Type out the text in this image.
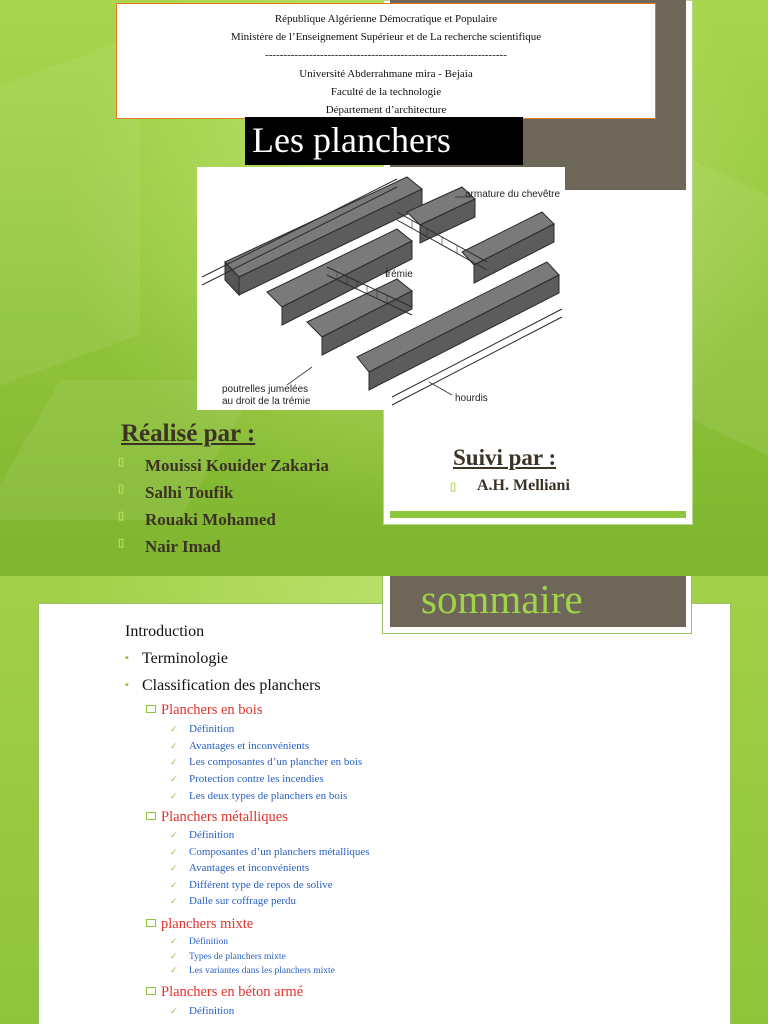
République Algérienne Démocratique et Populaire
Ministère de l’Enseignement Supérieur et de La recherche scientifique
------------------------------------------------------------------
Université Abderrahmane mira - Bejaia
Faculté de la technologie
Département d’architecture
Les planchers
armature du chevêtre
trémie
poutrelles jumelées
au droit de la trémie	hourdis
Réalisé par :
▯ Mouissi Kouider Zakaria
▯ Salhi Toufik
▯ Rouaki Mohamed
▯ Nair Imad
Suivi par :
▯ A.H. Melliani
sommaire
Introduction
▪ Terminologie
▪ Classification des planchers
Planchers en bois
✓ Définition
✓ Avantages et inconvénients
✓ Les composantes d’un plancher en bois
✓ Protection contre les incendies
✓ Les deux types de planchers en bois
Planchers métalliques
✓ Définition
✓ Composantes d’un planchers métalliques
✓ Avantages et inconvénients
✓ Différent type de repos de solive
✓ Dalle sur coffrage perdu
planchers mixte
✓ Définition
✓ Types de planchers mixte
✓ Les variantes dans les planchers mixte
Planchers en béton armé
✓ Définition
